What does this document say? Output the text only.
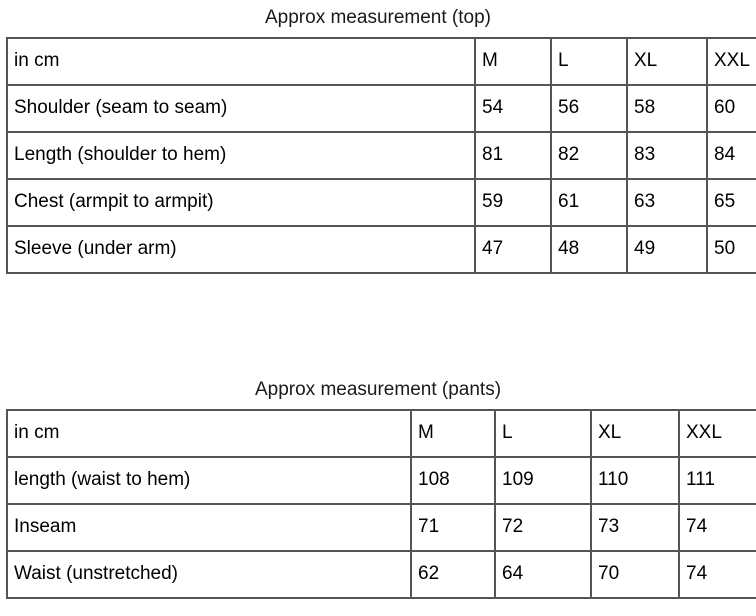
Approx measurement (top)
in cm	M	L	XL	XXL
Shoulder (seam to seam)	54	56	58	60
Length (shoulder to hem)	81	82	83	84
Chest (armpit to armpit)	59	61	63	65
Sleeve (under arm)	47	48	49	50
Approx measurement (pants)
in cm	M	L	XL	XXL
length (waist to hem)	108	109	110	111
Inseam	71	72	73	74
Waist (unstretched)	62	64	70	74
